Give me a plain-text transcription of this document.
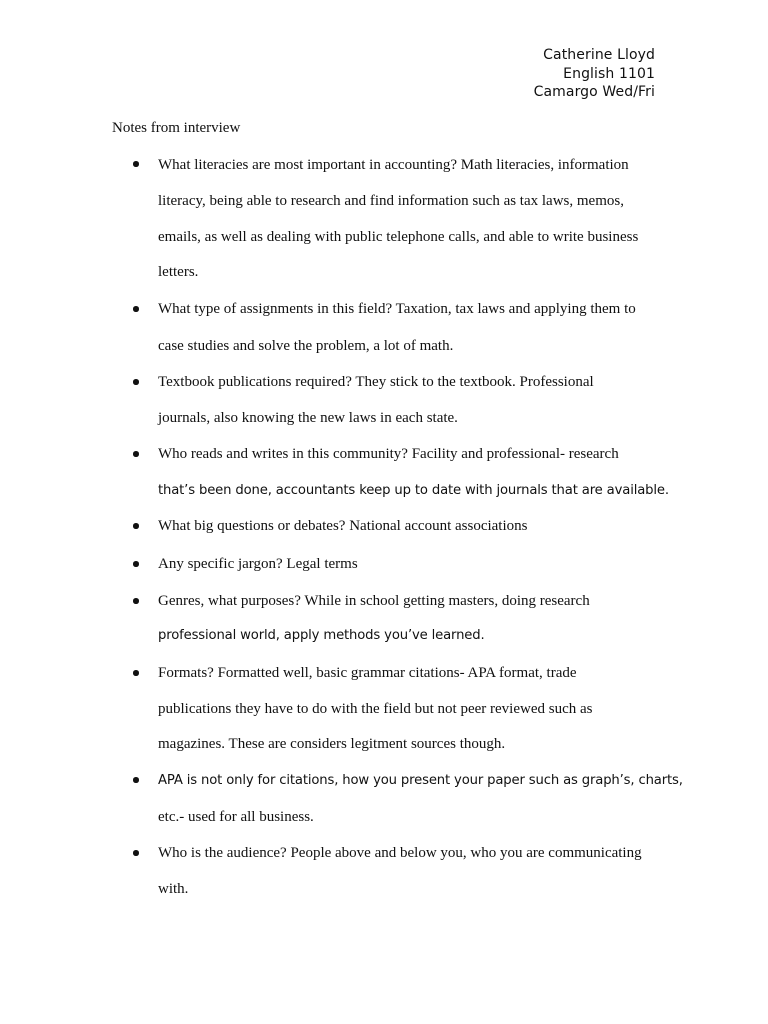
Catherine Lloyd
English 1101
Camargo Wed/Fri
Notes from interview
What literacies are most important in accounting? Math literacies, information
literacy, being able to research and find information such as tax laws, memos,
emails, as well as dealing with public telephone calls, and able to write business
letters.
What type of assignments in this field? Taxation, tax laws and applying them to
case studies and solve the problem, a lot of math.
Textbook publications required? They stick to the textbook. Professional
journals, also knowing the new laws in each state.
Who reads and writes in this community? Facility and professional- research
that’s been done, accountants keep up to date with journals that are available.
What big questions or debates? National account associations
Any specific jargon? Legal terms
Genres, what purposes? While in school getting masters, doing research
professional world, apply methods you’ve learned.
Formats? Formatted well, basic grammar citations- APA format, trade
publications they have to do with the field but not peer reviewed such as
magazines. These are considers legitment sources though.
APA is not only for citations, how you present your paper such as graph’s, charts,
etc.- used for all business.
Who is the audience? People above and below you, who you are communicating
with.
